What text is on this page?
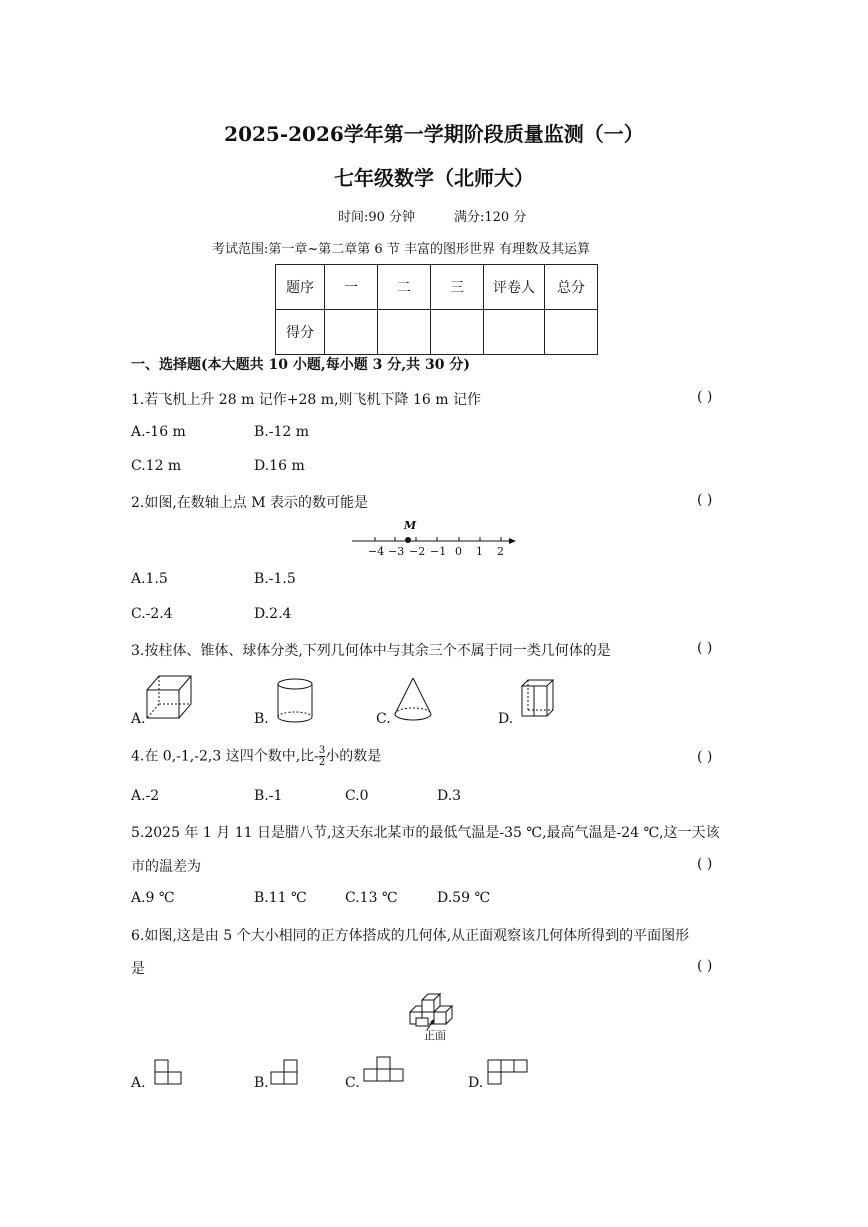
2025-2026学年第一学期阶段质量监测（一）
七年级数学（北师大）
时间:90 分钟	满分:120 分
考试范围:第一章~第二章第 6 节 丰富的图形世界 有理数及其运算
题序	一	二	三	评卷人	总分
得分					
一、选择题(本大题共 10 小题,每小题 3 分,共 30 分)
1.若飞机上升 28 m 记作+28 m,则飞机下降 16 m 记作	( )
A.-16 m	B.-12 m
C.12 m	D.16 m
2.如图,在数轴上点 M 表示的数可能是	( )
M
−4 −3 −2 −1 0 1 2
A.1.5	B.-1.5
C.-2.4	D.2.4
3.按柱体、锥体、球体分类,下列几何体中与其余三个不属于同一类几何体的是	( )
A.	B.	C.	D.
4.在 0,-1,-2,3 这四个数中,比- $\frac{3}{2}$ 小的数是	( )
A.-2	B.-1	C.0	D.3
5.2025 年 1 月 11 日是腊八节,这天东北某市的最低气温是-35 ℃,最高气温是-24 ℃,这一天该
市的温差为	( )
A.9 ℃	B.11 ℃	C.13 ℃	D.59 ℃
6.如图,这是由 5 个大小相同的正方体搭成的几何体,从正面观察该几何体所得到的平面图形
是	( )
正面
A.	B.	C.	D.
